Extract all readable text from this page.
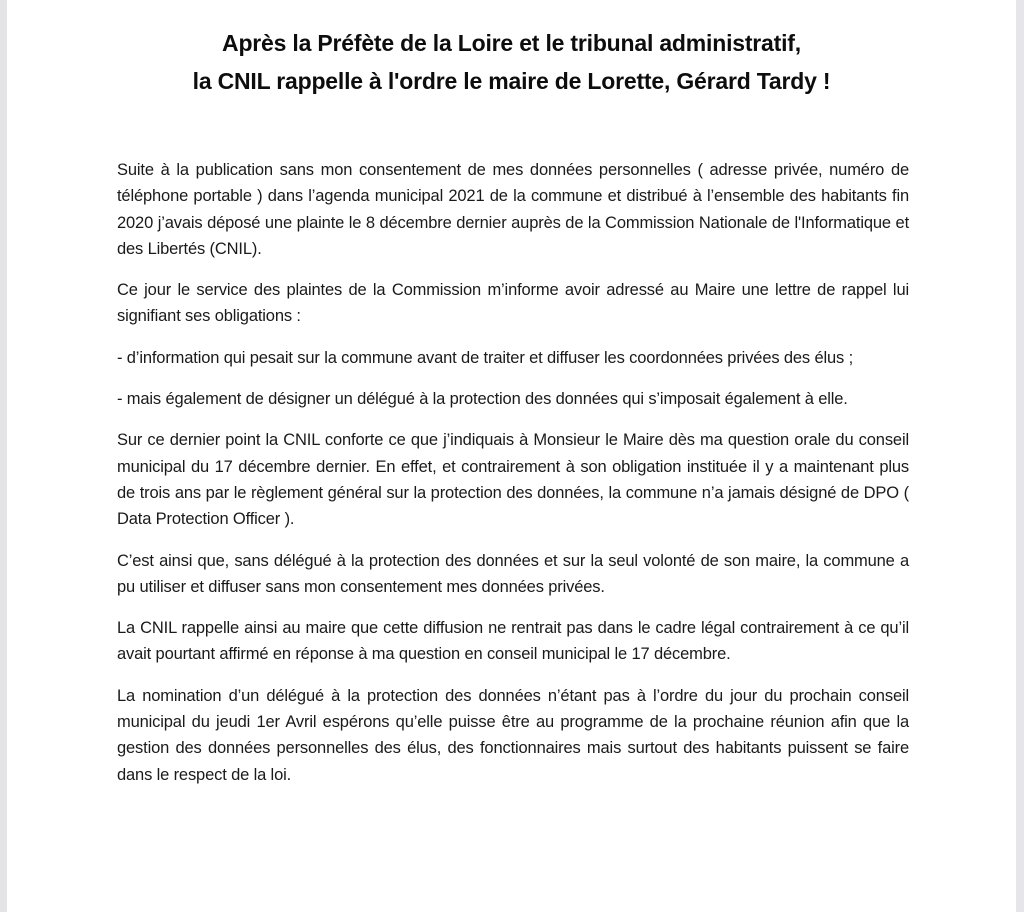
Après la Préfète de la Loire et le tribunal administratif,
la CNIL rappelle à l'ordre le maire de Lorette, Gérard Tardy !

Suite à la publication sans mon consentement de mes données personnelles ( adresse privée, numéro de téléphone portable ) dans l’agenda municipal 2021 de la commune et distribué à l’ensemble des habitants fin 2020 j’avais déposé une plainte le 8 décembre dernier auprès de la Commission Nationale de l'Informatique et des Libertés (CNIL).

Ce jour le service des plaintes de la Commission m’informe avoir adressé au Maire une lettre de rappel lui signifiant ses obligations :

- d’information qui pesait sur la commune avant de traiter et diffuser les coordonnées privées des élus ;

- mais également de désigner un délégué à la protection des données qui s’imposait également à elle.

Sur ce dernier point la CNIL conforte ce que j’indiquais à Monsieur le Maire dès ma question orale du conseil municipal du 17 décembre dernier. En effet, et contrairement à son obligation instituée il y a maintenant plus de trois ans par le règlement général sur la protection des données, la commune n’a jamais désigné de DPO ( Data Protection Officer ).

C’est ainsi que, sans délégué à la protection des données et sur la seul volonté de son maire, la commune a pu utiliser et diffuser sans mon consentement mes données privées.

La CNIL rappelle ainsi au maire que cette diffusion ne rentrait pas dans le cadre légal contrairement à ce qu’il avait pourtant affirmé en réponse à ma question en conseil municipal le 17 décembre.

La nomination d’un délégué à la protection des données n’étant pas à l’ordre du jour du prochain conseil municipal du jeudi 1er Avril espérons qu’elle puisse être au programme de la prochaine réunion afin que la gestion des données personnelles des élus, des fonctionnaires mais surtout des habitants puissent se faire dans le respect de la loi.
